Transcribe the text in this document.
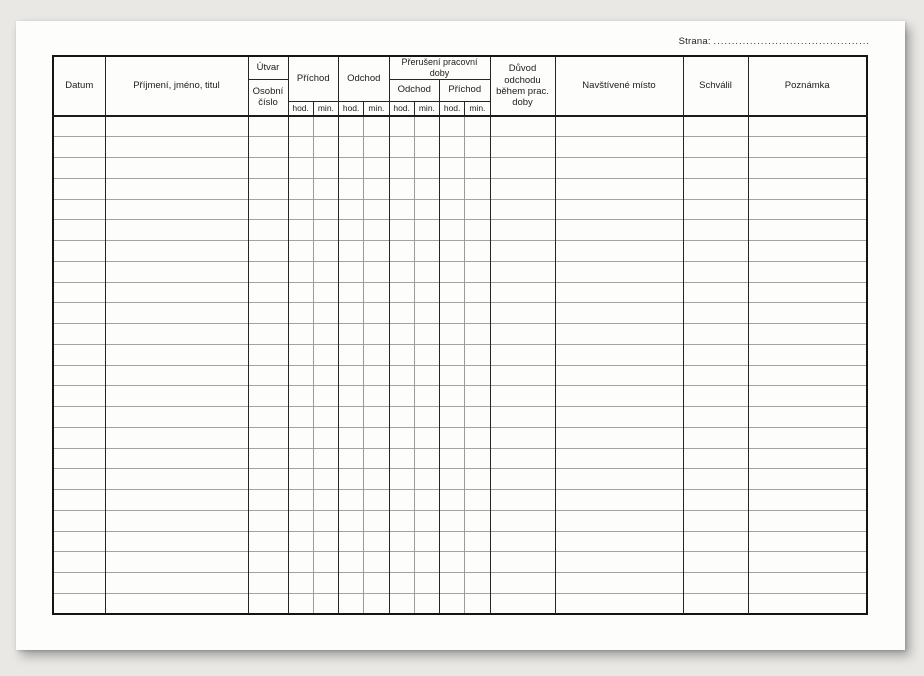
Strana: ...........................................
Datum	Příjmení, jméno, titul	Útvar	Příchod		Odchod		Přerušení pracovní doby				Důvod odchodu během prac. doby	Navštívené místo	Schválil	Poznámka
		Osobní číslo					Odchod		Příchod					
			hod.	min.	hod.	min.	hod.	min.	hod.	min.				
